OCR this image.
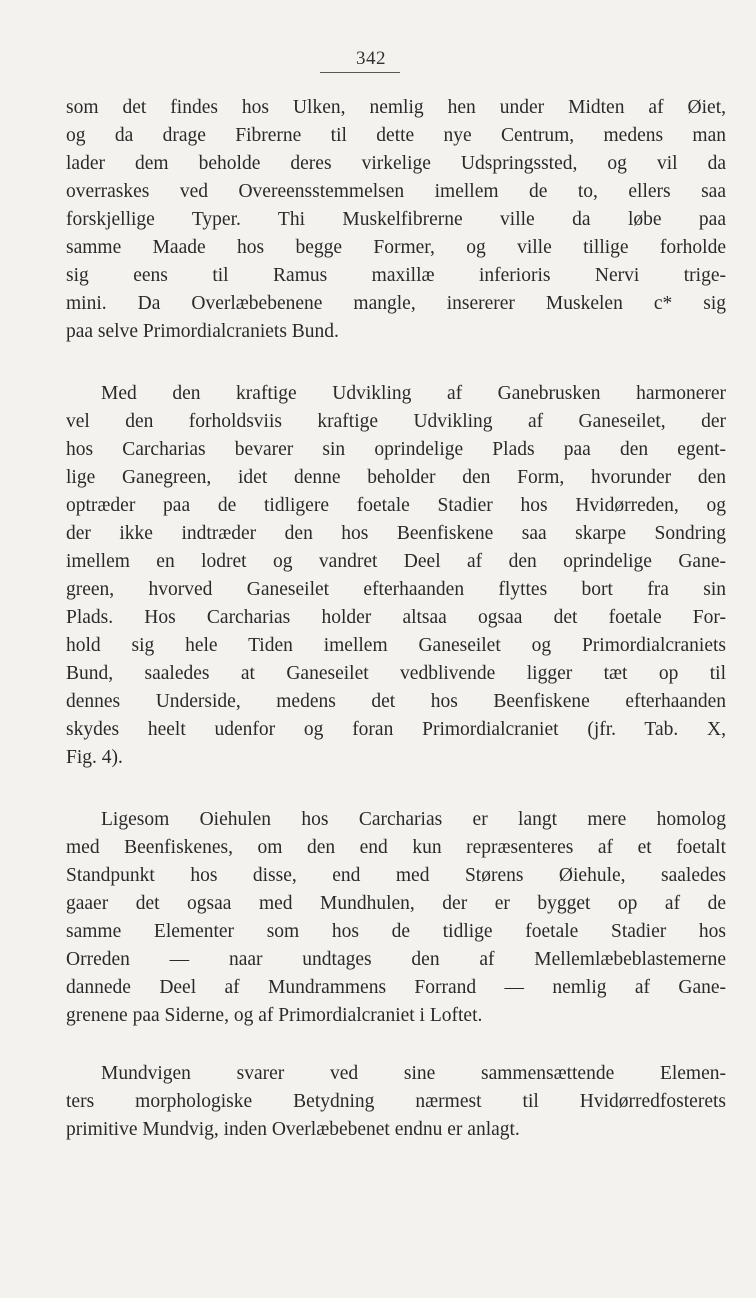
342
som det findes hos Ulken, nemlig hen under Midten af Øiet,
og da drage Fibrerne til dette nye Centrum, medens man
lader dem beholde deres virkelige Udspringssted, og vil da
overraskes ved Overeensstemmelsen imellem de to, ellers saa
forskjellige Typer. Thi Muskelfibrerne ville da løbe paa
samme Maade hos begge Former, og ville tillige forholde
sig eens til Ramus maxillæ inferioris Nervi trige-
mini. Da Overlæbebenene mangle, insererer Muskelen c* sig
paa selve Primordialcraniets Bund.
Med den kraftige Udvikling af Ganebrusken harmonerer
vel den forholdsviis kraftige Udvikling af Ganeseilet, der
hos Carcharias bevarer sin oprindelige Plads paa den egent-
lige Ganegreen, idet denne beholder den Form, hvorunder den
optræder paa de tidligere foetale Stadier hos Hvidørreden, og
der ikke indtræder den hos Beenfiskene saa skarpe Sondring
imellem en lodret og vandret Deel af den oprindelige Gane-
green, hvorved Ganeseilet efterhaanden flyttes bort fra sin
Plads. Hos Carcharias holder altsaa ogsaa det foetale For-
hold sig hele Tiden imellem Ganeseilet og Primordialcraniets
Bund, saaledes at Ganeseilet vedblivende ligger tæt op til
dennes Underside, medens det hos Beenfiskene efterhaanden
skydes heelt udenfor og foran Primordialcraniet (jfr. Tab. X,
Fig. 4).
Ligesom Oiehulen hos Carcharias er langt mere homolog
med Beenfiskenes, om den end kun repræsenteres af et foetalt
Standpunkt hos disse, end med Størens Øiehule, saaledes
gaaer det ogsaa med Mundhulen, der er bygget op af de
samme Elementer som hos de tidlige foetale Stadier hos
Orreden — naar undtages den af Mellemlæbeblastemerne
dannede Deel af Mundrammens Forrand — nemlig af Gane-
grenene paa Siderne, og af Primordialcraniet i Loftet.
Mundvigen svarer ved sine sammensættende Elemen-
ters morphologiske Betydning nærmest til Hvidørredfosterets
primitive Mundvig, inden Overlæbebenet endnu er anlagt.
